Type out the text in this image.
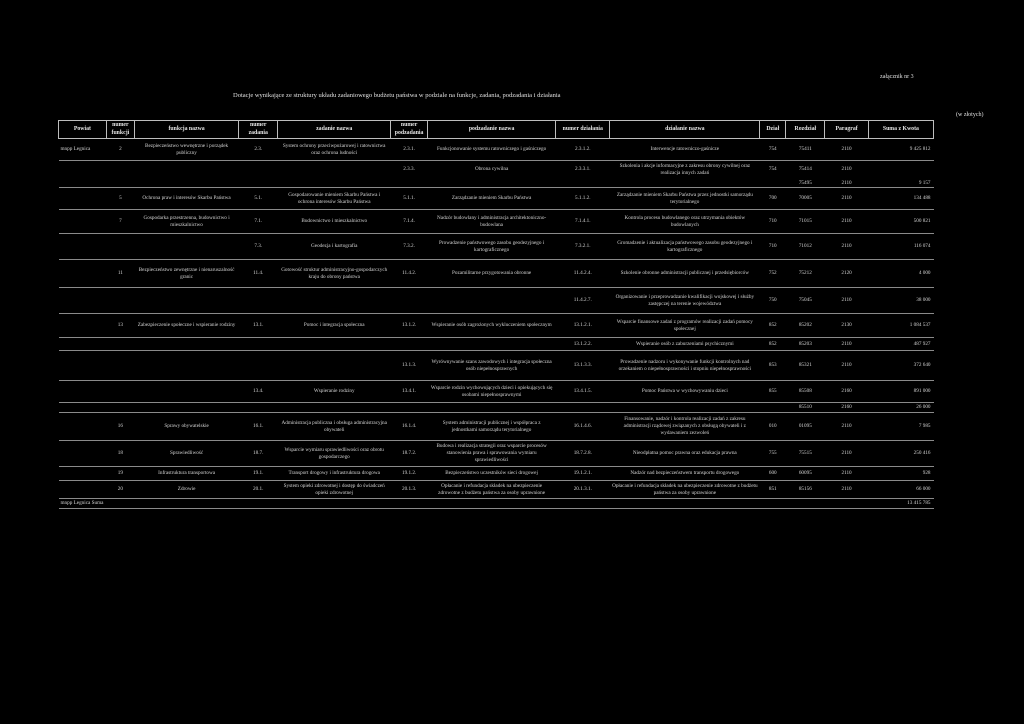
załącznik nr 3
Dotacje wynikające ze struktury układu zadaniowego budżetu państwa w podziale na funkcje, zadania, podzadania i działania
(w złotych)
Powiat	numer funkcji	funkcja nazwa	numer zadania	zadanie nazwa	numer podzadania	podzadanie nazwa	numer działania	działanie nazwa	Dział	Rozdział	Paragraf	Suma z Kwota
mnpp Legnica	2	Bezpieczeństwo wewnętrzne i porządek publiczny	2.3.	System ochrony przeciwpożarowej i ratownictwa oraz ochrona ludności	2.3.1.	Funkcjonowanie systemu ratowniczego i gaśniczego	2.3.1.2.	Interwencje ratowniczo-gaśnicze	754	75411	2110	9 425 812
					2.3.3.	Obrona cywilna	2.3.3.1.	Szkolenia i akcje informacyjne z zakresu obrony cywilnej oraz realizacja innych zadań	754	75414	2110	
										75495	2110	9 157
	5	Ochrona praw i interesów Skarbu Państwa	5.1.	Gospodarowanie mieniem Skarbu Państwa i ochrona interesów Skarbu Państwa	5.1.1.	Zarządzanie mieniem Skarbu Państwa	5.1.1.2.	Zarządzanie mieniem Skarbu Państwa przez jednostki samorządu terytorialnego	700	70005	2110	134 488
	7	Gospodarka przestrzenna, budownictwo i mieszkalnictwo	7.1.	Budownictwo i mieszkalnictwo	7.1.4.	Nadzór budowlany i administracja architektoniczno-budowlana	7.1.4.1.	Kontrola procesu budowlanego oraz utrzymania obiektów budowlanych	710	71015	2110	500 821
			7.3.	Geodezja i kartografia	7.3.2.	Prowadzenie państwowego zasobu geodezyjnego i kartograficznego	7.3.2.1.	Gromadzenie i aktualizacja państwowego zasobu geodezyjnego i kartograficznego	710	71012	2110	116 074
	11	Bezpieczeństwo zewnętrzne i nienaruszalność granic	11.4.	Gotowość struktur administracyjno-gospodarczych kraju do obrony państwa	11.4.2.	Pozamilitarne przygotowania obronne	11.4.2.4.	Szkolenie obronne administracji publicznej i przedsiębiorców	752	75212	2120	4 000
							11.4.2.7.	Organizowanie i przeprowadzanie kwalifikacji wojskowej i służby zastępczej na terenie województwa	750	75045	2110	38 000
	13	Zabezpieczenie społeczne i wspieranie rodziny	13.1.	Pomoc i integracja społeczna	13.1.2.	Wspieranie osób zagrożonych wykluczeniem społecznym	13.1.2.1.	Wsparcie finansowe zadań z programów realizacji zadań pomocy społecznej	852	85202	2130	1 084 537
							13.1.2.2.	Wspieranie osób z zaburzeniami psychicznymi	852	85203	2110	487 927
					13.1.3.	Wyrównywanie szans zawodowych i integracja społeczna osób niepełnosprawnych	13.1.3.3.	Prowadzenie nadzoru i wykonywanie funkcji kontrolnych nad orzekaniem o niepełnosprawności i stopniu niepełnosprawności	853	85321	2110	372 640
			13.4.	Wspieranie rodziny	13.4.1.	Wsparcie rodzin wychowujących dzieci i opiekujących się osobami niepełnosprawnymi	13.4.1.5.	Pomoc Państwa w wychowywaniu dzieci	855	85508	2160	891 000
										85510	2160	26 000
	16	Sprawy obywatelskie	16.1.	Administracja publiczna i obsługa administracyjna obywateli	16.1.4.	System administracji publicznej i współpraca z jednostkami samorządu terytorialnego	16.1.4.6.	Finansowanie, nadzór i kontrola realizacji zadań z zakresu administracji rządowej związanych z obsługą obywateli i z wydawaniem zezwoleń	010	01095	2110	7 985
	18	Sprawiedliwość	18.7.	Wsparcie wymiaru sprawiedliwości oraz obrotu gospodarczego	18.7.2.	Budowa i realizacja strategii oraz wsparcie procesów stanowienia prawa i sprawowania wymiaru sprawiedliwości	18.7.2.8.	Nieodpłatna pomoc prawna oraz edukacja prawna	755	75515	2110	250 416
	19	Infrastruktura transportowa	19.1.	Transport drogowy i infrastruktura drogowa	19.1.2.	Bezpieczeństwo uczestników sieci drogowej	19.1.2.1.	Nadzór nad bezpieczeństwem transportu drogowego	600	60095	2110	928
	20	Zdrowie	20.1.	System opieki zdrowotnej i dostęp do świadczeń opieki zdrowotnej	20.1.3.	Opłacanie i refundacja składek na ubezpieczenie zdrowotne z budżetu państwa za osoby uprawnione	20.1.3.1.	Opłacanie i refundacja składek na ubezpieczenie zdrowotne z budżetu państwa za osoby uprawnione	851	85156	2110	66 000
mnpp Legnica Suma												13 415 785
